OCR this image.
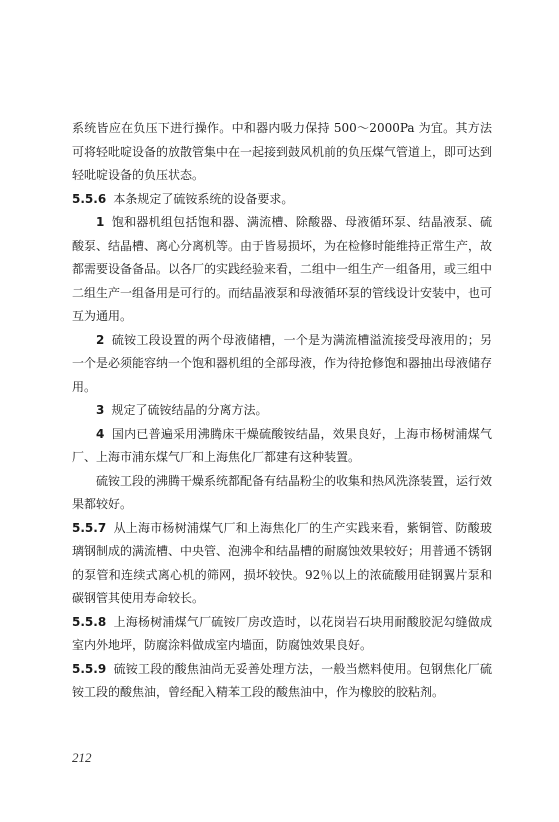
系统皆应在负压下进行操作。中和器内吸力保持 500～2000Pa 为宜。其方法可将轻吡啶设备的放散管集中在一起接到鼓风机前的负压煤气管道上，即可达到轻吡啶设备的负压状态。

5.5.6 本条规定了硫铵系统的设备要求。

1 饱和器机组包括饱和器、满流槽、除酸器、母液循环泵、结晶液泵、硫酸泵、结晶槽、离心分离机等。由于皆易损坏，为在检修时能维持正常生产，故都需要设备备品。以各厂的实践经验来看，二组中一组生产一组备用，或三组中二组生产一组备用是可行的。而结晶液泵和母液循环泵的管线设计安装中，也可互为通用。

2 硫铵工段设置的两个母液储槽，一个是为满流槽溢流接受母液用的；另一个是必须能容纳一个饱和器机组的全部母液，作为待抢修饱和器抽出母液储存用。

3 规定了硫铵结晶的分离方法。

4 国内已普遍采用沸腾床干燥硫酸铵结晶，效果良好，上海市杨树浦煤气厂、上海市浦东煤气厂和上海焦化厂都建有这种装置。

硫铵工段的沸腾干燥系统都配备有结晶粉尘的收集和热风洗涤装置，运行效果都较好。

5.5.7 从上海市杨树浦煤气厂和上海焦化厂的生产实践来看，紫铜管、防酸玻璃钢制成的满流槽、中央管、泡沸伞和结晶槽的耐腐蚀效果较好；用普通不锈钢的泵管和连续式离心机的筛网，损坏较快。92％以上的浓硫酸用硅钢翼片泵和碳钢管其使用寿命较长。

5.5.8 上海杨树浦煤气厂硫铵厂房改造时，以花岗岩石块用耐酸胶泥勾缝做成室内外地坪，防腐涂料做成室内墙面，防腐蚀效果良好。

5.5.9 硫铵工段的酸焦油尚无妥善处理方法，一般当燃料使用。包钢焦化厂硫铵工段的酸焦油，曾经配入精苯工段的酸焦油中，作为橡胶的胶粘剂。

212
